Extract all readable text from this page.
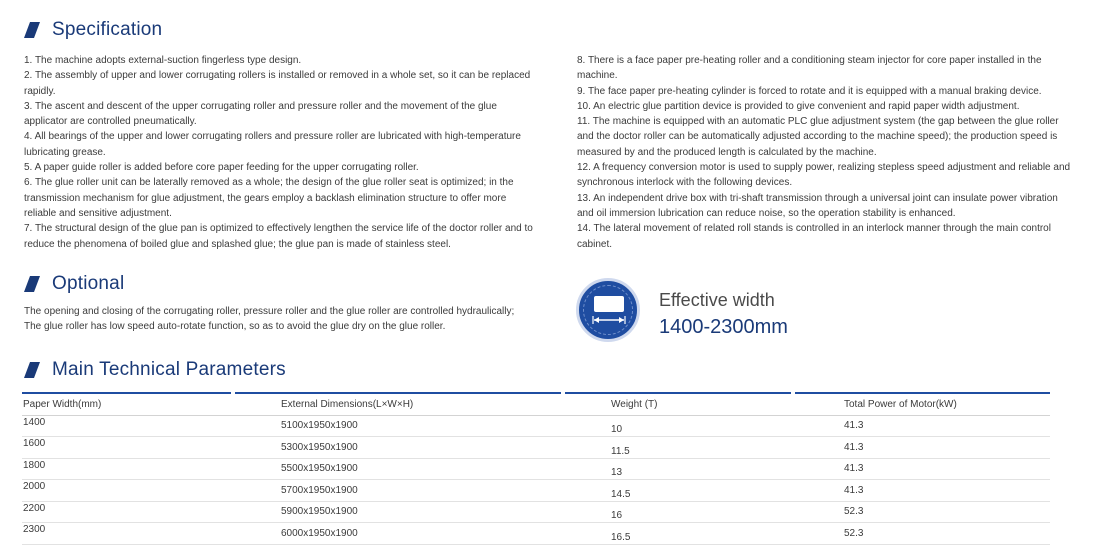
Specification

1. The machine adopts external-suction fingerless type design.

2. The assembly of upper and lower corrugating rollers is installed or removed in a whole set, so it can be replaced rapidly.

3. The ascent and descent of the upper corrugating roller and pressure roller and the movement of the glue applicator are controlled pneumatically.

4. All bearings of the upper and lower corrugating rollers and pressure roller are lubricated with high-temperature lubricating grease.

5. A paper guide roller is added before core paper feeding for the upper corrugating roller.

6. The glue roller unit can be laterally removed as a whole; the design of the glue roller seat is optimized; in the transmission mechanism for glue adjustment, the gears employ a backlash elimination structure to offer more reliable and sensitive adjustment.

7. The structural design of the glue pan is optimized to effectively lengthen the service life of the doctor roller and to reduce the phenomena of boiled glue and splashed glue; the glue pan is made of stainless steel.

8. There is a face paper pre-heating roller and a conditioning steam injector for core paper installed in the machine.

9. The face paper pre-heating cylinder is forced to rotate and it is equipped with a manual braking device.

10. An electric glue partition device is provided to give convenient and rapid paper width adjustment.

11. The machine is equipped with an automatic PLC glue adjustment system (the gap between the glue roller and the doctor roller can be automatically adjusted according to the machine speed); the production speed is measured by and the produced length is calculated by the machine.

12. A frequency conversion motor is used to supply power, realizing stepless speed adjustment and reliable and synchronous interlock with the following devices.

13. An independent drive box with tri-shaft transmission through a universal joint can insulate power vibration and oil immersion lubrication can reduce noise, so the operation stability is enhanced.

14. The lateral movement of related roll stands is controlled in an interlock manner through the main control cabinet.

Optional

The opening and closing of the corrugating roller, pressure roller and the glue roller are controlled hydraulically;

The glue roller has low speed auto-rotate function, so as to avoid the glue dry on the glue roller.

Effective width
1400-2300mm
Main Technical Parameters
Paper Width(mm)	External Dimensions(L×W×H)	Weight (T)	Total Power of Motor(kW)
1400	5100x1950x1900	10	41.3
1600	5300x1950x1900	11.5	41.3
1800	5500x1950x1900	13	41.3
2000	5700x1950x1900	14.5	41.3
2200	5900x1950x1900	16	52.3
2300	6000x1950x1900	16.5	52.3
